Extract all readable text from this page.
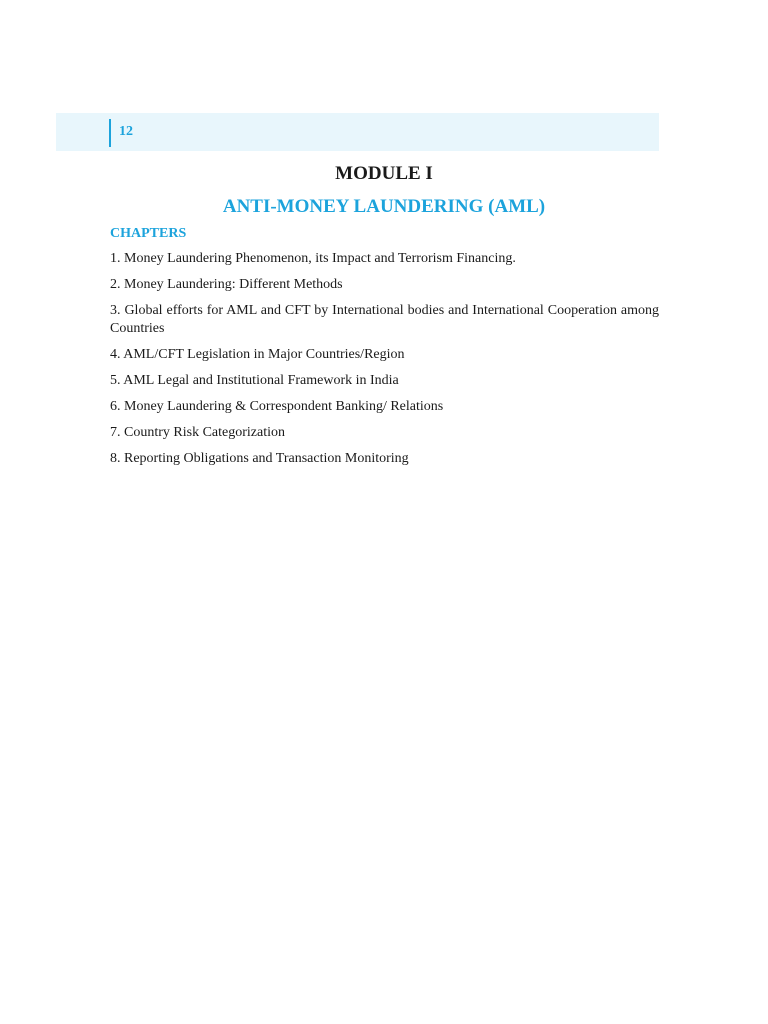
12
MODULE I
ANTI-MONEY LAUNDERING (AML)
CHAPTERS
1. Money Laundering Phenomenon, its Impact and Terrorism Financing.
2. Money Laundering: Different Methods
3. Global efforts for AML and CFT by International bodies and International Cooperation among Countries
4. AML/CFT Legislation in Major Countries/Region
5. AML Legal and Institutional Framework in India
6. Money Laundering & Correspondent Banking/ Relations
7. Country Risk Categorization
8. Reporting Obligations and Transaction Monitoring
